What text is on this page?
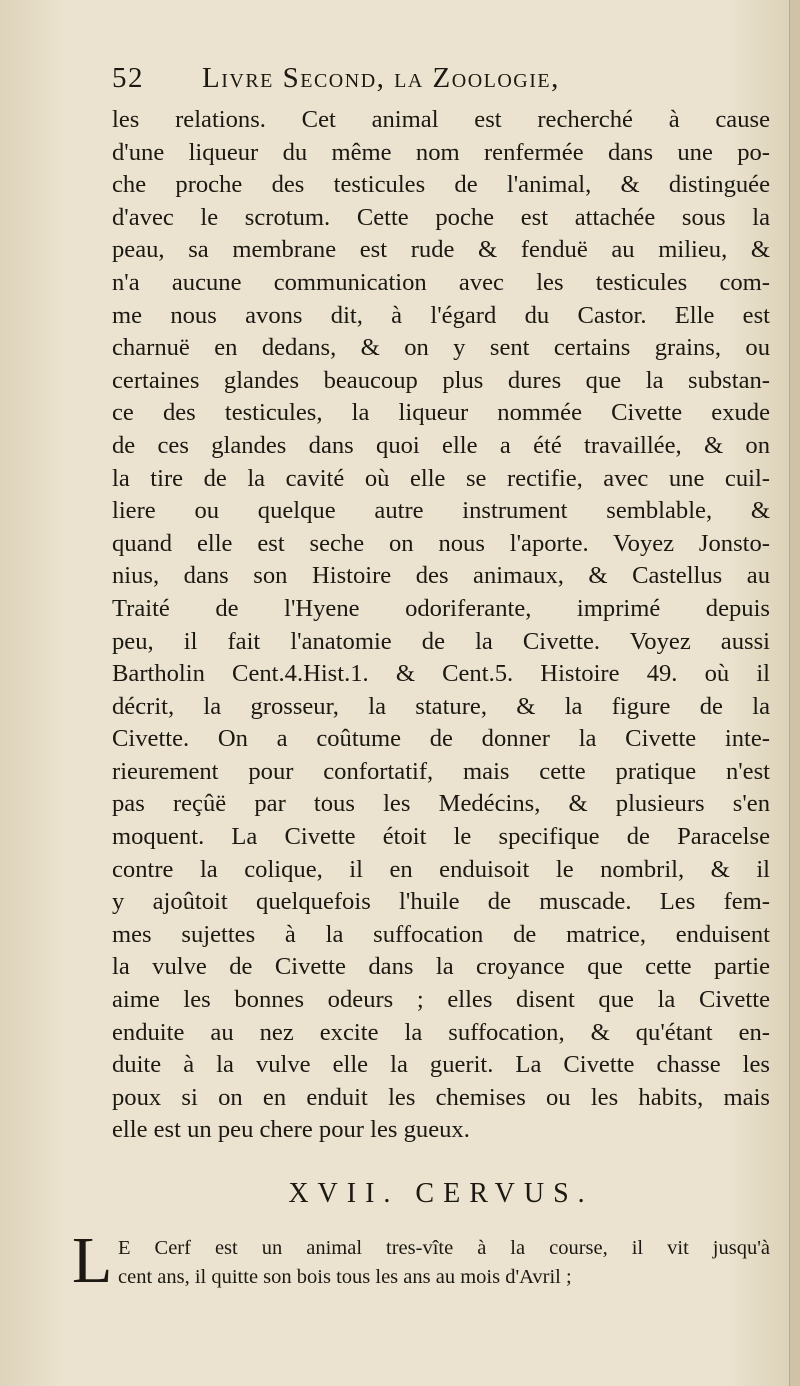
52	Livre Second, la Zoologie,
les relations. Cet animal est recherché à cause
d'une liqueur du même nom renfermée dans une po-
che proche des testicules de l'animal, & distinguée
d'avec le scrotum. Cette poche est attachée sous la
peau, sa membrane est rude & fenduë au milieu, &
n'a aucune communication avec les testicules com-
me nous avons dit, à l'égard du Castor. Elle est
charnuë en dedans, & on y sent certains grains, ou
certaines glandes beaucoup plus dures que la substan-
ce des testicules, la liqueur nommée Civette exude
de ces glandes dans quoi elle a été travaillée, & on
la tire de la cavité où elle se rectifie, avec une cuil-
liere ou quelque autre instrument semblable, &
quand elle est seche on nous l'aporte. Voyez Jonsto-
nius, dans son Histoire des animaux, & Castellus au
Traité de l'Hyene odoriferante, imprimé depuis
peu, il fait l'anatomie de la Civette. Voyez aussi
Bartholin Cent.4.Hist.1. & Cent.5. Histoire 49. où il
décrit, la grosseur, la stature, & la figure de la
Civette. On a coûtume de donner la Civette inte-
rieurement pour confortatif, mais cette pratique n'est
pas reçûë par tous les Medécins, & plusieurs s'en
moquent. La Civette étoit le specifique de Paracelse
contre la colique, il en enduisoit le nombril, & il
y ajoûtoit quelquefois l'huile de muscade. Les fem-
mes sujettes à la suffocation de matrice, enduisent
la vulve de Civette dans la croyance que cette partie
aime les bonnes odeurs ; elles disent que la Civette
enduite au nez excite la suffocation, & qu'étant en-
duite à la vulve elle la guerit. La Civette chasse les
poux si on en enduit les chemises ou les habits, mais
elle est un peu chere pour les gueux.
XVII. CERVUS.
L E Cerf est un animal tres-vîte à la course, il vit jusqu'à
cent ans, il quitte son bois tous les ans au mois d'Avril ;
